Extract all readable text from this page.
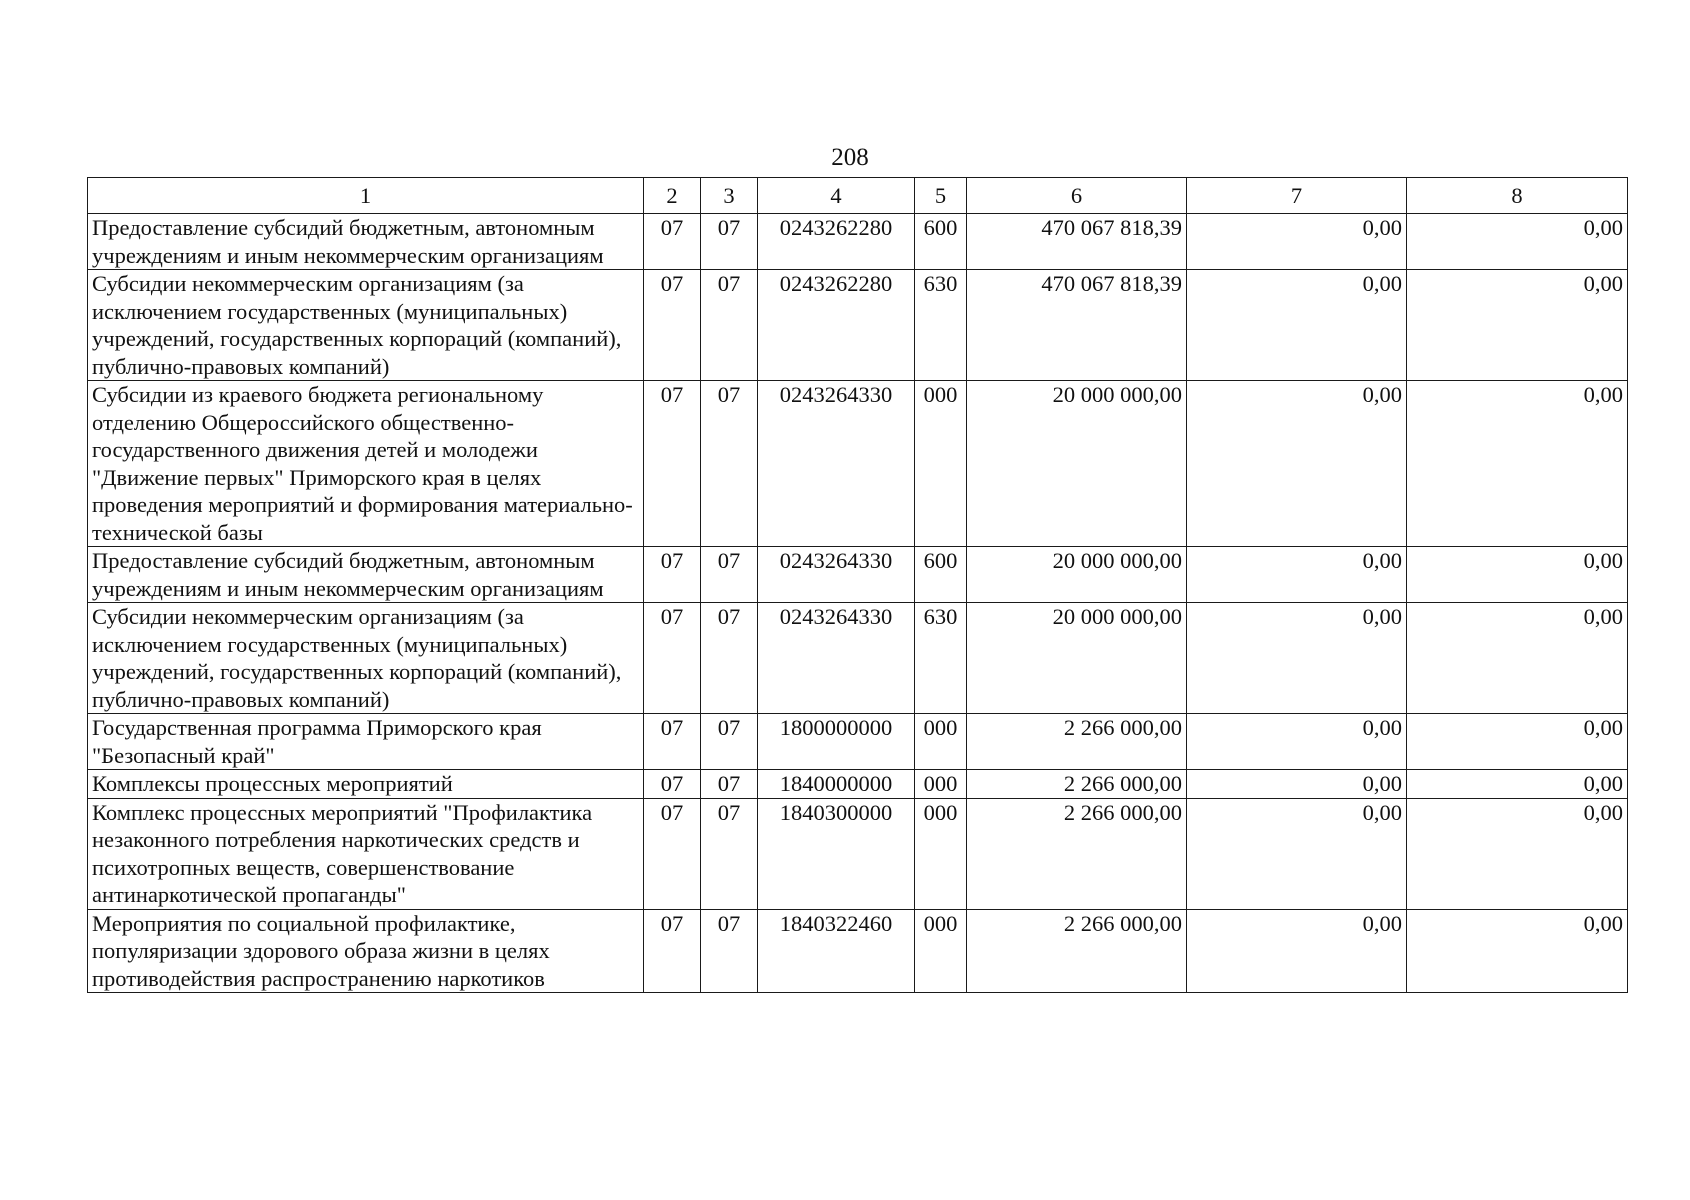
208
1	2	3	4	5	6	7	8
Предоставление субсидий бюджетным, автономным учреждениям и иным некоммерческим организациям	07	07	0243262280	600	470 067 818,39	0,00	0,00
Субсидии некоммерческим организациям (за исключением государственных (муниципальных) учреждений, государственных корпораций (компаний), публично-правовых компаний)	07	07	0243262280	630	470 067 818,39	0,00	0,00
Субсидии из краевого бюджета региональному отделению Общероссийского общественно-государственного движения детей и молодежи "Движение первых" Приморского края в целях проведения мероприятий и формирования материально-технической базы	07	07	0243264330	000	20 000 000,00	0,00	0,00
Предоставление субсидий бюджетным, автономным учреждениям и иным некоммерческим организациям	07	07	0243264330	600	20 000 000,00	0,00	0,00
Субсидии некоммерческим организациям (за исключением государственных (муниципальных) учреждений, государственных корпораций (компаний), публично-правовых компаний)	07	07	0243264330	630	20 000 000,00	0,00	0,00
Государственная программа Приморского края "Безопасный край"	07	07	1800000000	000	2 266 000,00	0,00	0,00
Комплексы процессных мероприятий	07	07	1840000000	000	2 266 000,00	0,00	0,00
Комплекс процессных мероприятий "Профилактика незаконного потребления наркотических средств и психотропных веществ, совершенствование антинаркотической пропаганды"	07	07	1840300000	000	2 266 000,00	0,00	0,00
Мероприятия по социальной профилактике, популяризации здорового образа жизни в целях противодействия распространению наркотиков	07	07	1840322460	000	2 266 000,00	0,00	0,00
